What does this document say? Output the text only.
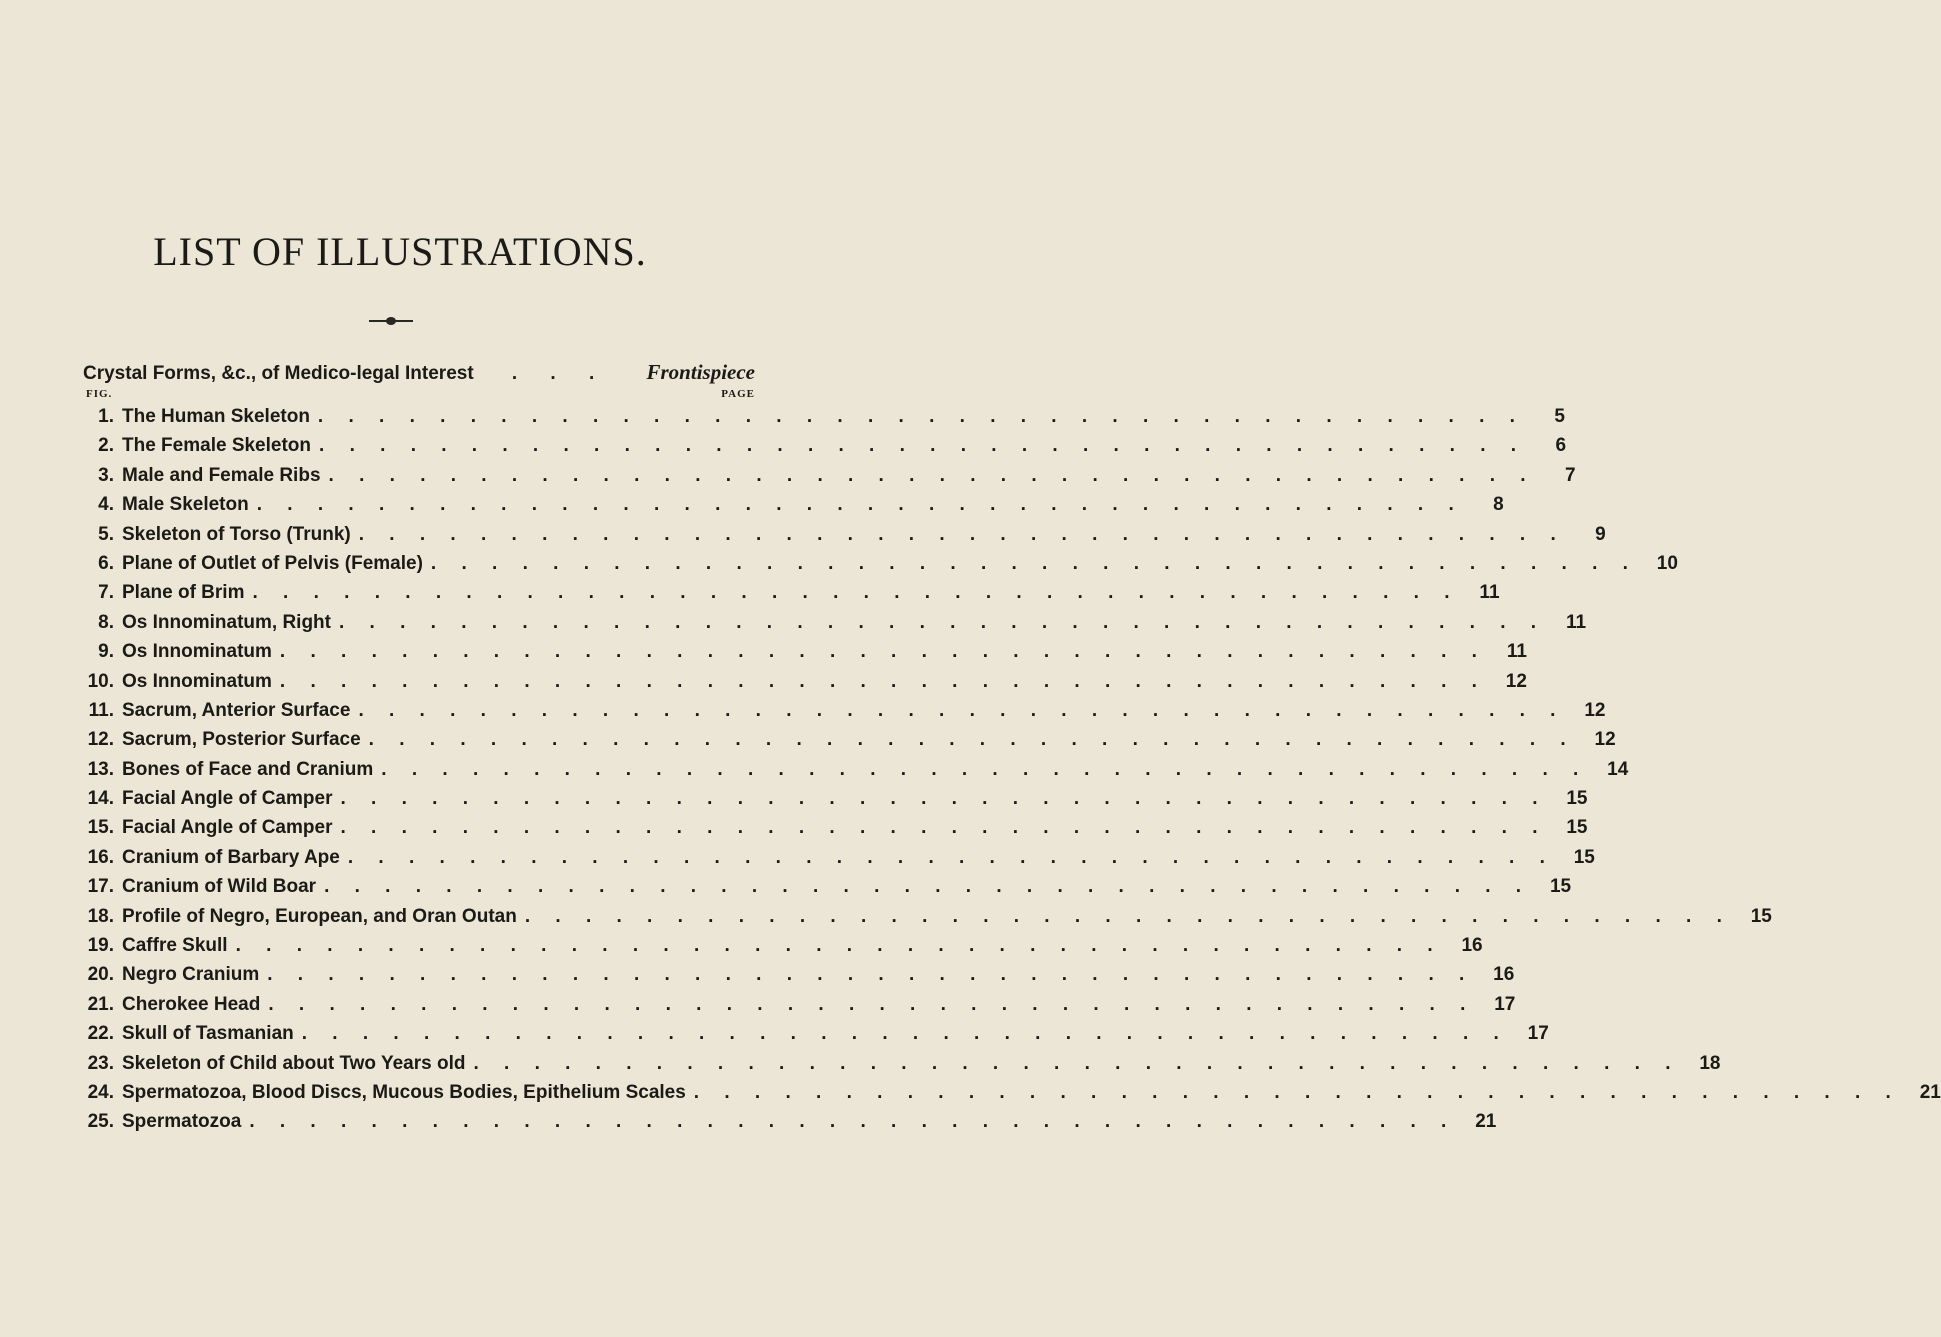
LIST OF ILLUSTRATIONS.
Crystal Forms, &c., of Medico-legal Interest . . . Frontispiece
FIG.	PAGE
1. The Human Skeleton . . . . . . . . . . . . . . . . . . . . . . . . . . . . . . . . . . . . . . . .	5
2. The Female Skeleton . . . . . . . . . . . . . . . . . . . . . . . . . . . . . . . . . . . . . . . .	6
3. Male and Female Ribs . . . . . . . . . . . . . . . . . . . . . . . . . . . . . . . . . . . . . . . .	7
4. Male Skeleton . . . . . . . . . . . . . . . . . . . . . . . . . . . . . . . . . . . . . . . .	8
5. Skeleton of Torso (Trunk) . . . . . . . . . . . . . . . . . . . . . . . . . . . . . . . . . . . . . . . .	9
6. Plane of Outlet of Pelvis (Female) . . . . . . . . . . . . . . . . . . . . . . . . . . . . . . . . . . . . . . . . 10
7. Plane of Brim . . . . . . . . . . . . . . . . . . . . . . . . . . . . . . . . . . . . . . . .	11
8. Os Innominatum, Right . . . . . . . . . . . . . . . . . . . . . . . . . . . . . . . . . . . . . . . .	11
9. Os Innominatum . . . . . . . . . . . . . . . . . . . . . . . . . . . . . . . . . . . . . . . .	11
10. Os Innominatum . . . . . . . . . . . . . . . . . . . . . . . . . . . . . . . . . . . . . . . . 12
11. Sacrum, Anterior Surface . . . . . . . . . . . . . . . . . . . . . . . . . . . . . . . . . . . . . . . . 12
12. Sacrum, Posterior Surface . . . . . . . . . . . . . . . . . . . . . . . . . . . . . . . . . . . . . . . . 12
13. Bones of Face and Cranium . . . . . . . . . . . . . . . . . . . . . . . . . . . . . . . . . . . . . . . . 14
14. Facial Angle of Camper . . . . . . . . . . . . . . . . . . . . . . . . . . . . . . . . . . . . . . . . 15
15. Facial Angle of Camper . . . . . . . . . . . . . . . . . . . . . . . . . . . . . . . . . . . . . . . . 15
16. Cranium of Barbary Ape . . . . . . . . . . . . . . . . . . . . . . . . . . . . . . . . . . . . . . . . 15
17. Cranium of Wild Boar . . . . . . . . . . . . . . . . . . . . . . . . . . . . . . . . . . . . . . . . 15
18. Profile of Negro, European, and Oran Outan . . . . . . . . . . . . . . . . . . . . . . . . . . . . . . . . . . . . . . . . 15
19. Caffre Skull . . . . . . . . . . . . . . . . . . . . . . . . . . . . . . . . . . . . . . . . 16
20. Negro Cranium . . . . . . . . . . . . . . . . . . . . . . . . . . . . . . . . . . . . . . . . 16
21. Cherokee Head . . . . . . . . . . . . . . . . . . . . . . . . . . . . . . . . . . . . . . . . 17
22. Skull of Tasmanian . . . . . . . . . . . . . . . . . . . . . . . . . . . . . . . . . . . . . . . . 17
23. Skeleton of Child about Two Years old . . . . . . . . . . . . . . . . . . . . . . . . . . . . . . . . . . . . . . . . 18
24. Spermatozoa, Blood Discs, Mucous Bodies, Epithelium Scales . . . . . . . . . . . . . . . . . . . . . . . . . . . . . . . . . . . . . . . . 21
25. Spermatozoa . . . . . . . . . . . . . . . . . . . . . . . . . . . . . . . . . . . . . . . . 21
